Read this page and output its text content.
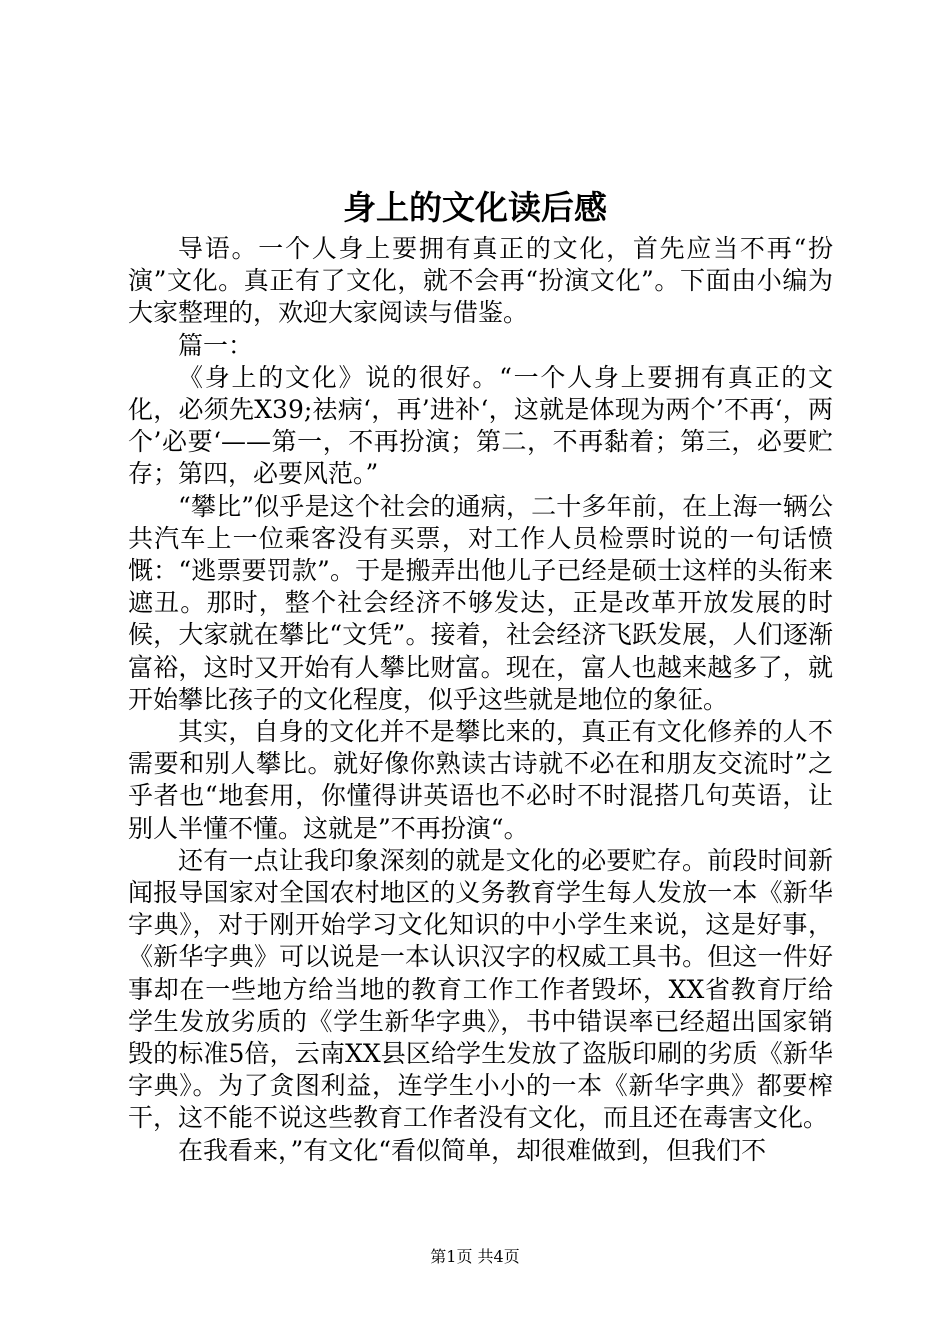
身上的文化读后感

导语。一个人身上要拥有真正的文化，首先应当不再“扮演”文化。真正有了文化，就不会再“扮演文化”。下面由小编为大家整理的，欢迎大家阅读与借鉴。

篇一：

《身上的文化》说的很好。“一个人身上要拥有真正的文化，必须先X39;祛病‘，再’进补‘，这就是体现为两个’不再‘，两个’必要‘——第一，不再扮演；第二，不再黏着；第三，必要贮存；第四，必要风范。”

“攀比”似乎是这个社会的通病，二十多年前，在上海一辆公共汽车上一位乘客没有买票，对工作人员检票时说的一句话愤慨：“逃票要罚款”。于是搬弄出他儿子已经是硕士这样的头衔来遮丑。那时，整个社会经济不够发达，正是改革开放发展的时候，大家就在攀比“文凭”。接着，社会经济飞跃发展，人们逐渐富裕，这时又开始有人攀比财富。现在，富人也越来越多了，就开始攀比孩子的文化程度，似乎这些就是地位的象征。

其实，自身的文化并不是攀比来的，真正有文化修养的人不需要和别人攀比。就好像你熟读古诗就不必在和朋友交流时”之乎者也“地套用，你懂得讲英语也不必时不时混搭几句英语，让别人半懂不懂。这就是”不再扮演“。

还有一点让我印象深刻的就是文化的必要贮存。前段时间新闻报导国家对全国农村地区的义务教育学生每人发放一本《新华字典》，对于刚开始学习文化知识的中小学生来说，这是好事，《新华字典》可以说是一本认识汉字的权威工具书。但这一件好事却在一些地方给当地的教育工作工作者毁坏，XX省教育厅给学生发放劣质的《学生新华字典》，书中错误率已经超出国家销毁的标准5倍，云南XX县区给学生发放了盗版印刷的劣质《新华字典》。为了贪图利益，连学生小小的一本《新华字典》都要榨干，这不能不说这些教育工作者没有文化，而且还在毒害文化。

在我看来，”有文化“看似简单，却很难做到，但我们不

第1页 共4页
